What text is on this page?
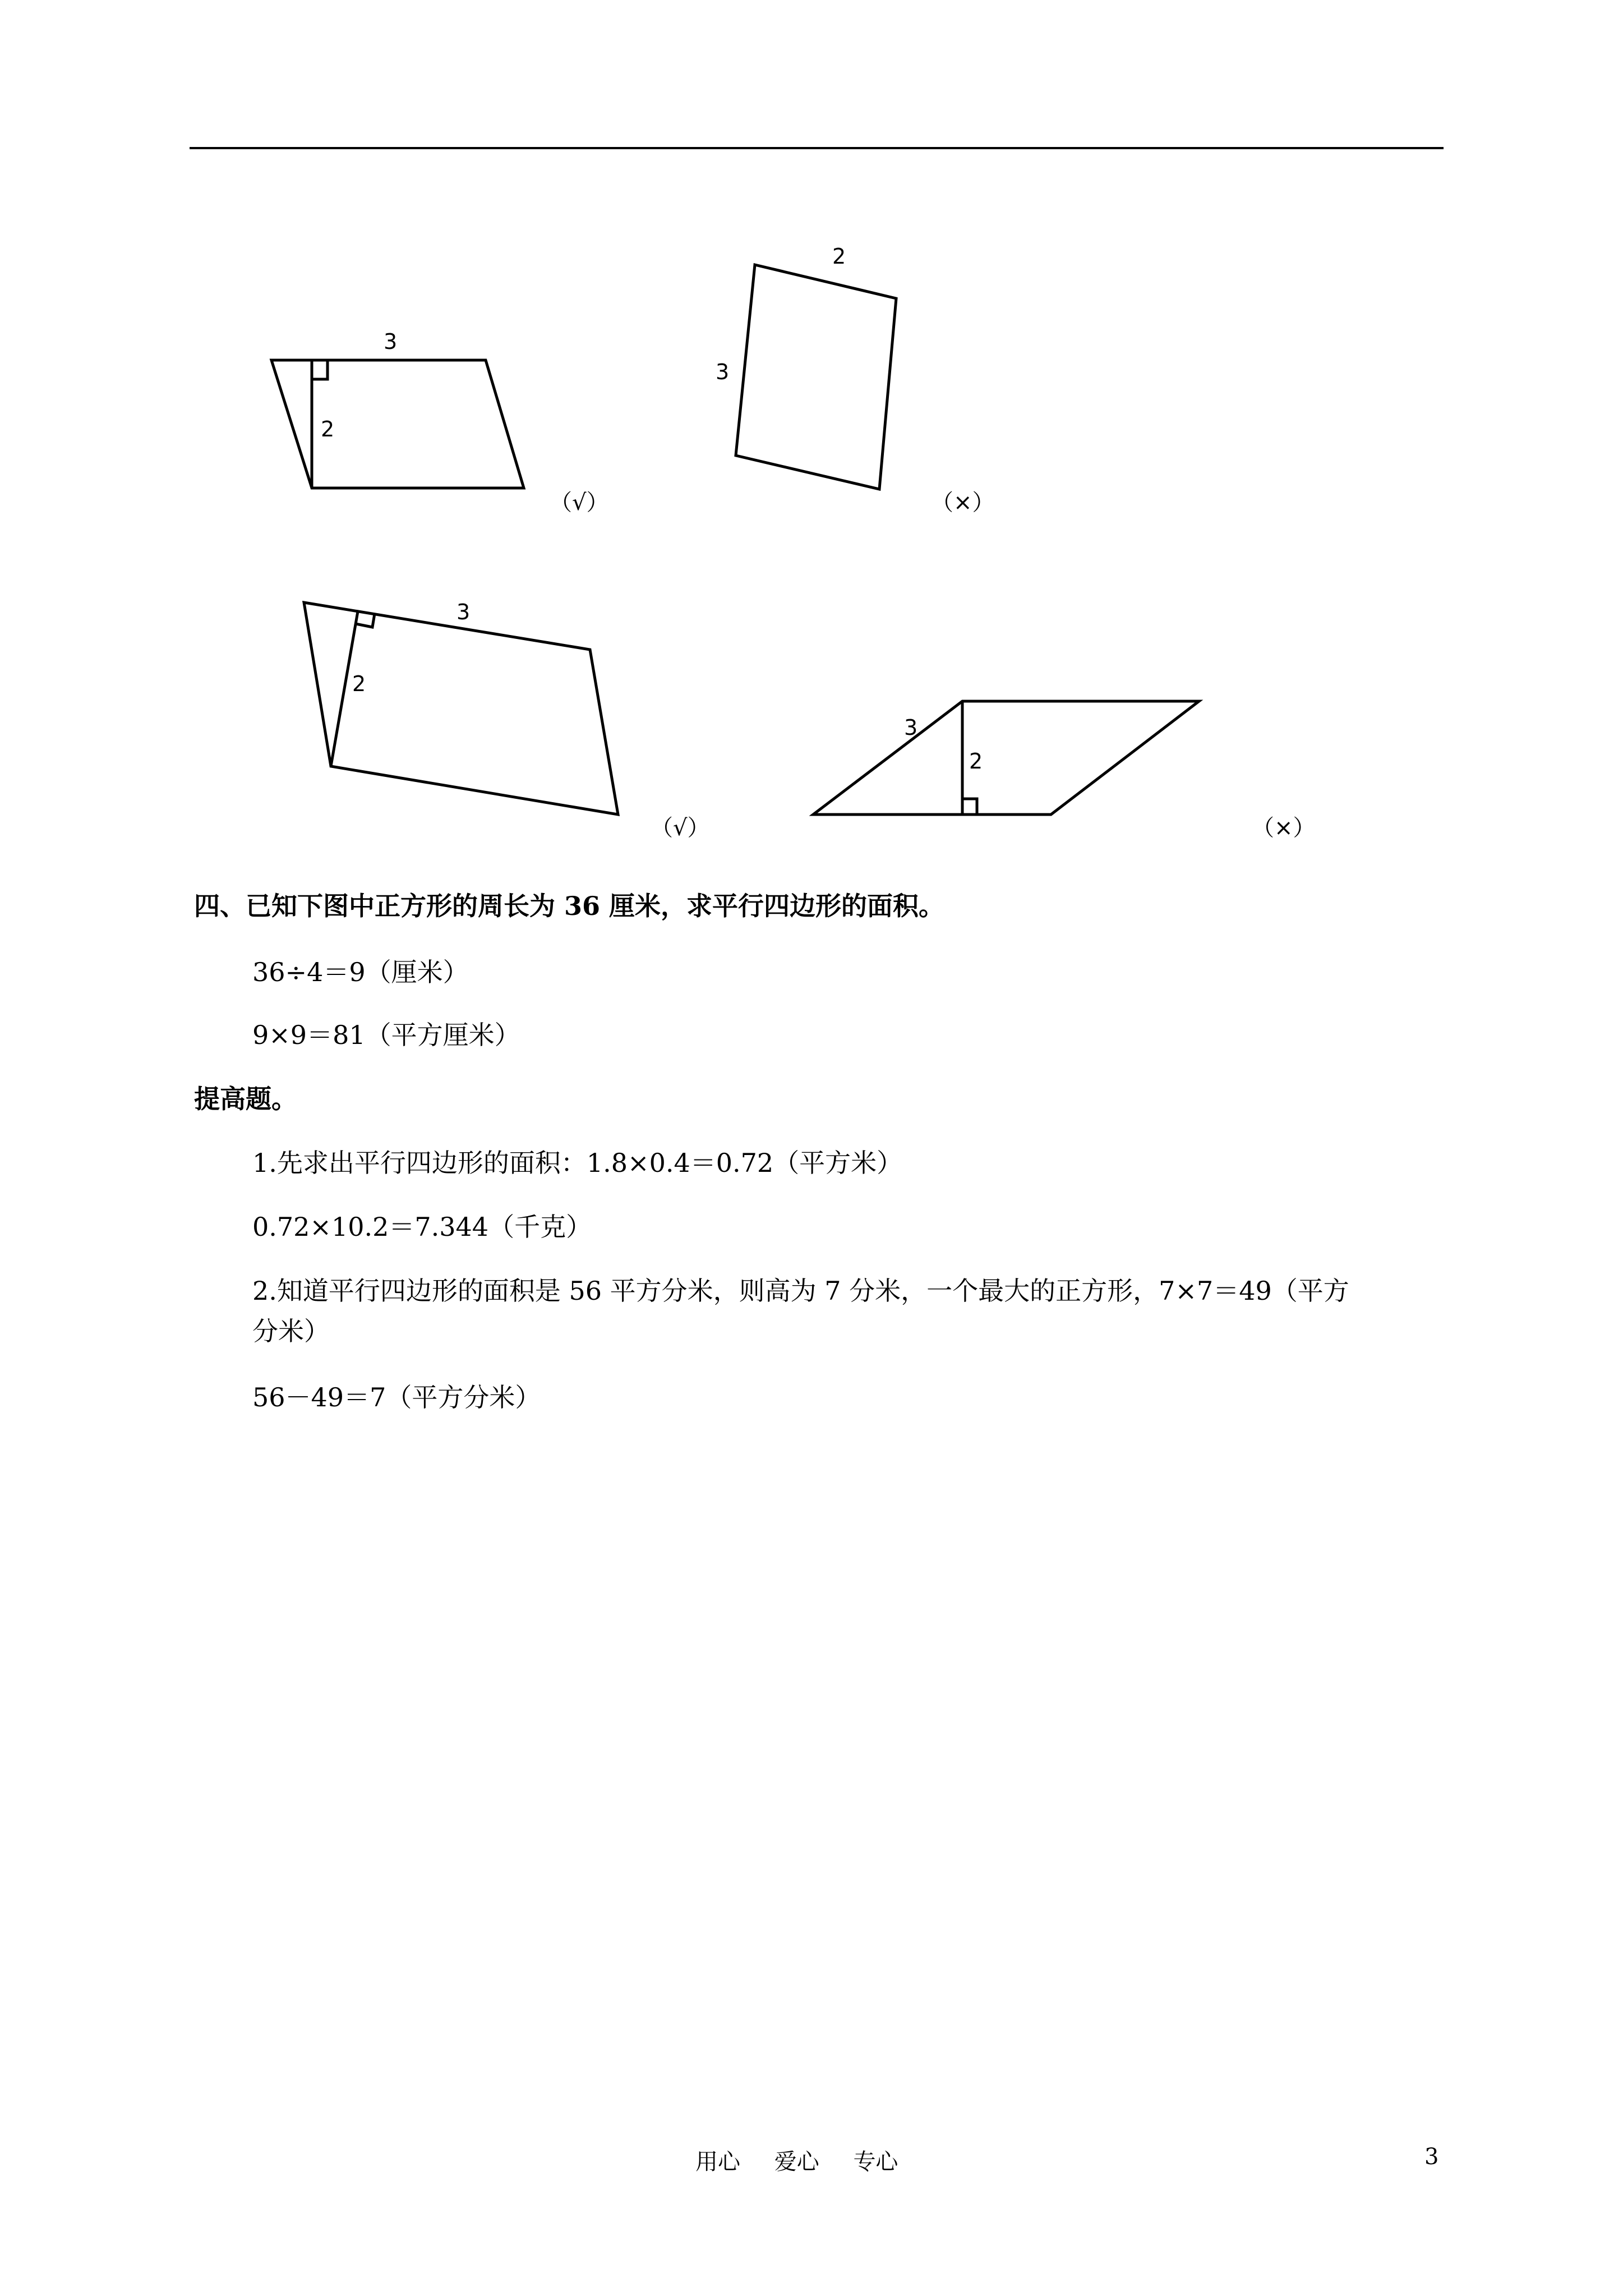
3
2
2
3
3
2
3
2
（√）	（×）
（√）	（×）
四、已知下图中正方形的周长为 36 厘米，求平行四边形的面积。
36÷4＝9（厘米）
9×9＝81（平方厘米）
提高题。
1.先求出平行四边形的面积：1.8×0.4＝0.72（平方米）
0.72×10.2＝7.344（千克）
2.知道平行四边形的面积是 56 平方分米，则高为 7 分米，一个最大的正方形，7×7＝49（平方
分米）
56－49＝7（平方分米）
用心 爱心 专心	3
